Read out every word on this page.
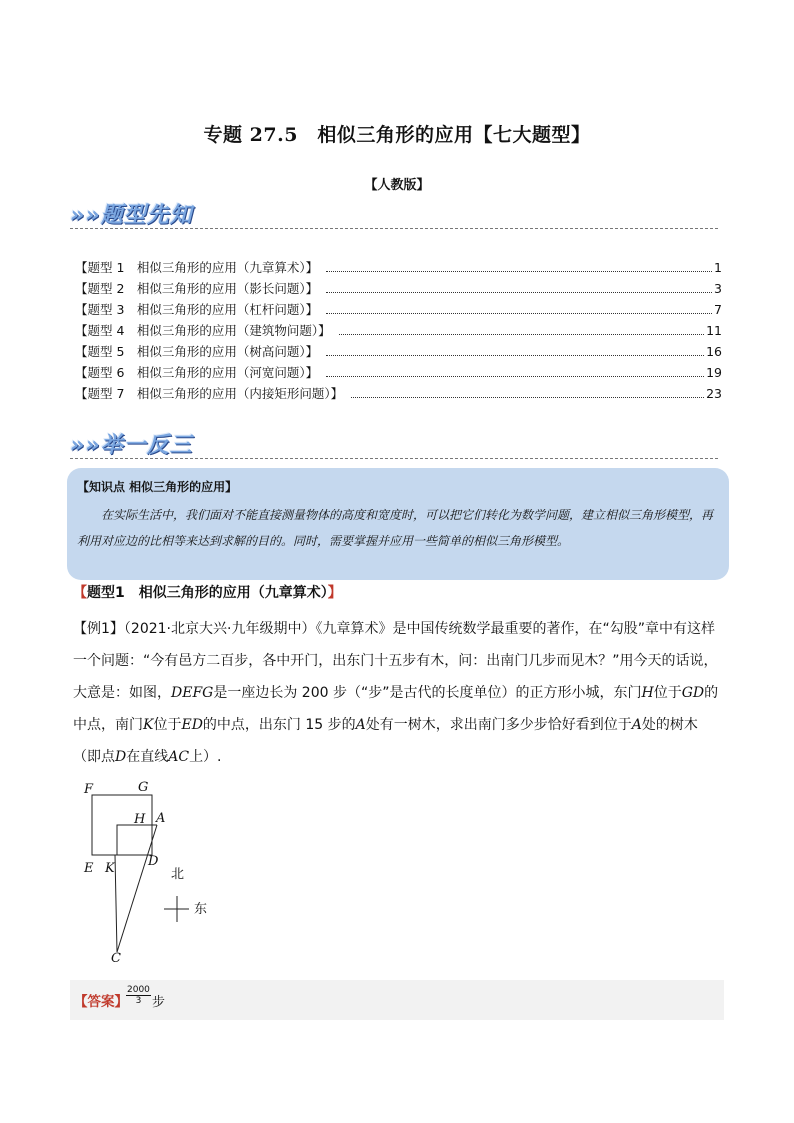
专题 27.5　相似三角形的应用【七大题型】
【人教版】
»»题型先知
【题型 1　相似三角形的应用（九章算术）】	1
【题型 2　相似三角形的应用（影长问题）】	3
【题型 3　相似三角形的应用（杠杆问题）】	7
【题型 4　相似三角形的应用（建筑物问题）】	11
【题型 5　相似三角形的应用（树高问题）】	16
【题型 6　相似三角形的应用（河宽问题）】	19
【题型 7　相似三角形的应用（内接矩形问题）】	23
»»举一反三
【知识点 相似三角形的应用】

在实际生活中，我们面对不能直接测量物体的高度和宽度时，可以把它们转化为数学问题，建立相似三角形模型，再利用对应边的比相等来达到求解的目的。同时，需要掌握并应用一些简单的相似三角形模型。

【题型1　相似三角形的应用（九章算术）】
【例1】（2021·北京大兴·九年级期中）《九章算术》是中国传统数学最重要的著作，在“勾股”章中有这样一个问题：“今有邑方二百步，各中开门，出东门十五步有木，问：出南门几步而见木？”用今天的话说，大意是：如图，DEFG是一座边长为 200 步（“步”是古代的长度单位）的正方形小城，东门H位于GD的中点，南门K位于ED的中点，出东门 15 步的A处有一树木，求出南门多少步恰好看到位于A处的树木（即点D在直线AC上）.
F	G
H A
E K	D
C
北
东
【答案】
$\frac{2000}{3}$ 步
